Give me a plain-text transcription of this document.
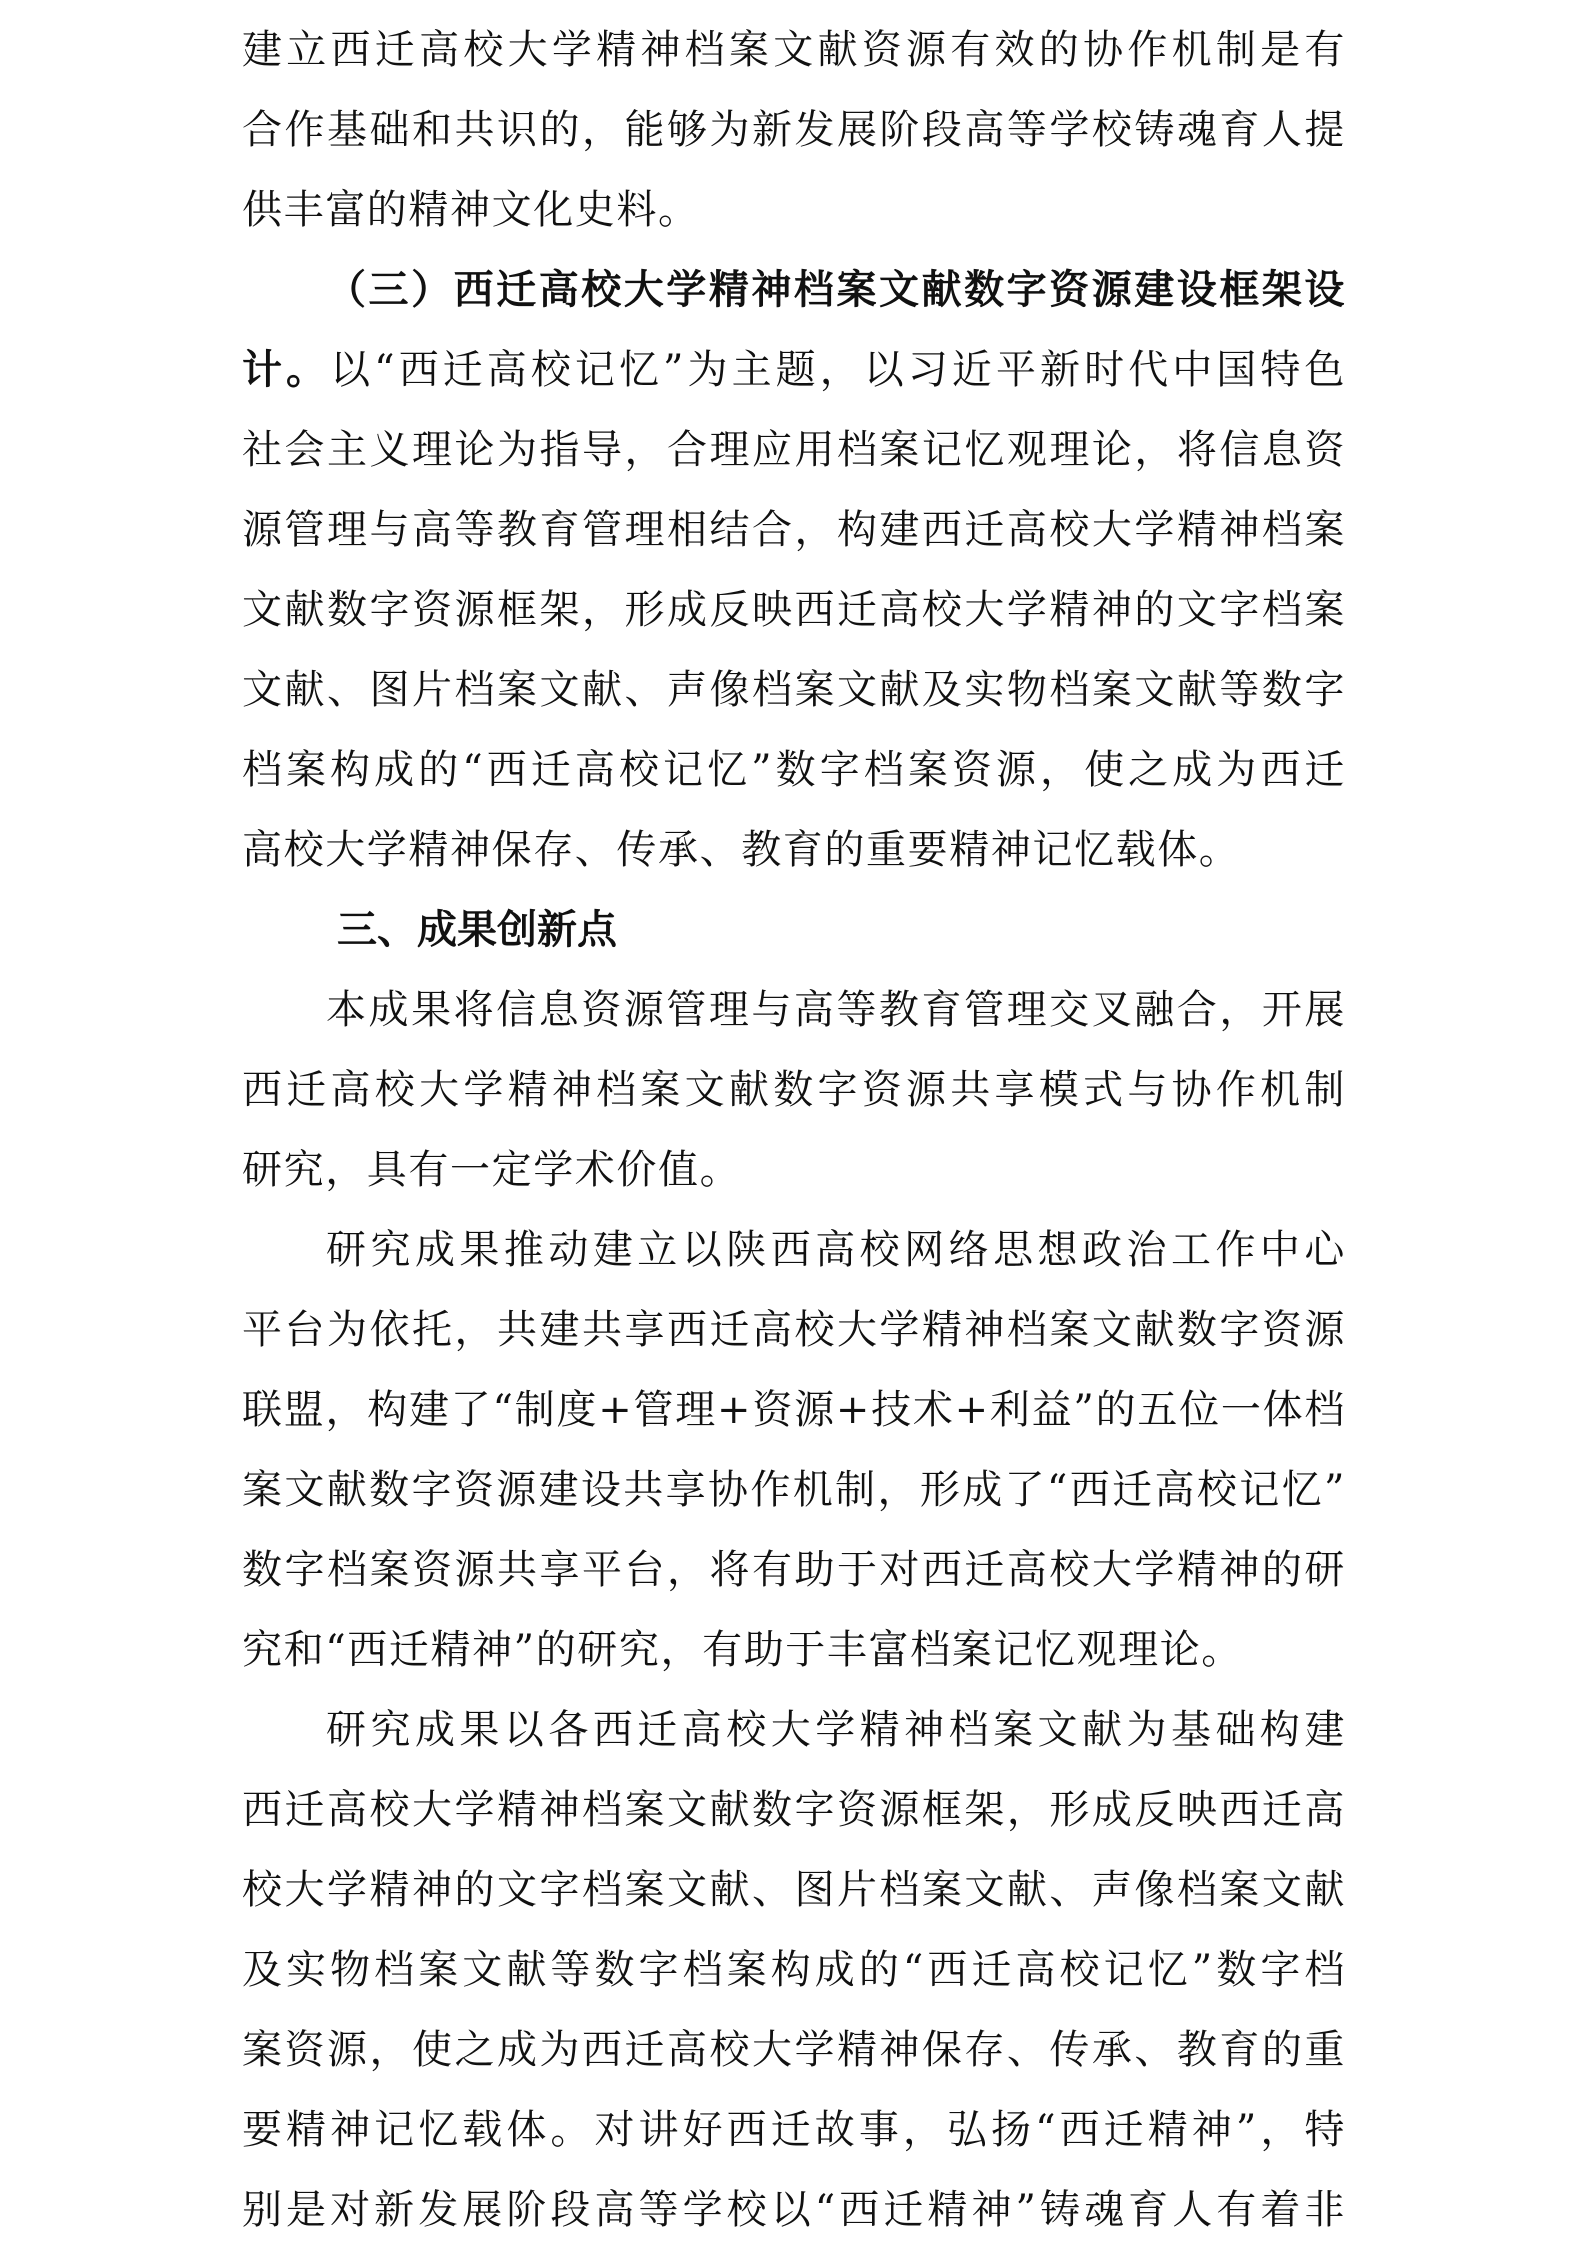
建立西迁高校大学精神档案文献资源有效的协作机制是有
合作基础和共识的，能够为新发展阶段高等学校铸魂育人提
供丰富的精神文化史料。
（三）西迁高校大学精神档案文献数字资源建设框架设
计。以“西迁高校记忆”为主题，以习近平新时代中国特色
社会主义理论为指导，合理应用档案记忆观理论，将信息资
源管理与高等教育管理相结合，构建西迁高校大学精神档案
文献数字资源框架，形成反映西迁高校大学精神的文字档案
文献、图片档案文献、声像档案文献及实物档案文献等数字
档案构成的“西迁高校记忆”数字档案资源，使之成为西迁
高校大学精神保存、传承、教育的重要精神记忆载体。
三、成果创新点
本成果将信息资源管理与高等教育管理交叉融合，开展
西迁高校大学精神档案文献数字资源共享模式与协作机制
研究，具有一定学术价值。
研究成果推动建立以陕西高校网络思想政治工作中心
平台为依托，共建共享西迁高校大学精神档案文献数字资源
联盟，构建了“制度+管理+资源+技术+利益”的五位一体档
案文献数字资源建设共享协作机制，形成了“西迁高校记忆”
数字档案资源共享平台，将有助于对西迁高校大学精神的研
究和“西迁精神”的研究，有助于丰富档案记忆观理论。
研究成果以各西迁高校大学精神档案文献为基础构建
西迁高校大学精神档案文献数字资源框架，形成反映西迁高
校大学精神的文字档案文献、图片档案文献、声像档案文献
及实物档案文献等数字档案构成的“西迁高校记忆”数字档
案资源，使之成为西迁高校大学精神保存、传承、教育的重
要精神记忆载体。对讲好西迁故事，弘扬“西迁精神”，特
别是对新发展阶段高等学校以“西迁精神”铸魂育人有着非
